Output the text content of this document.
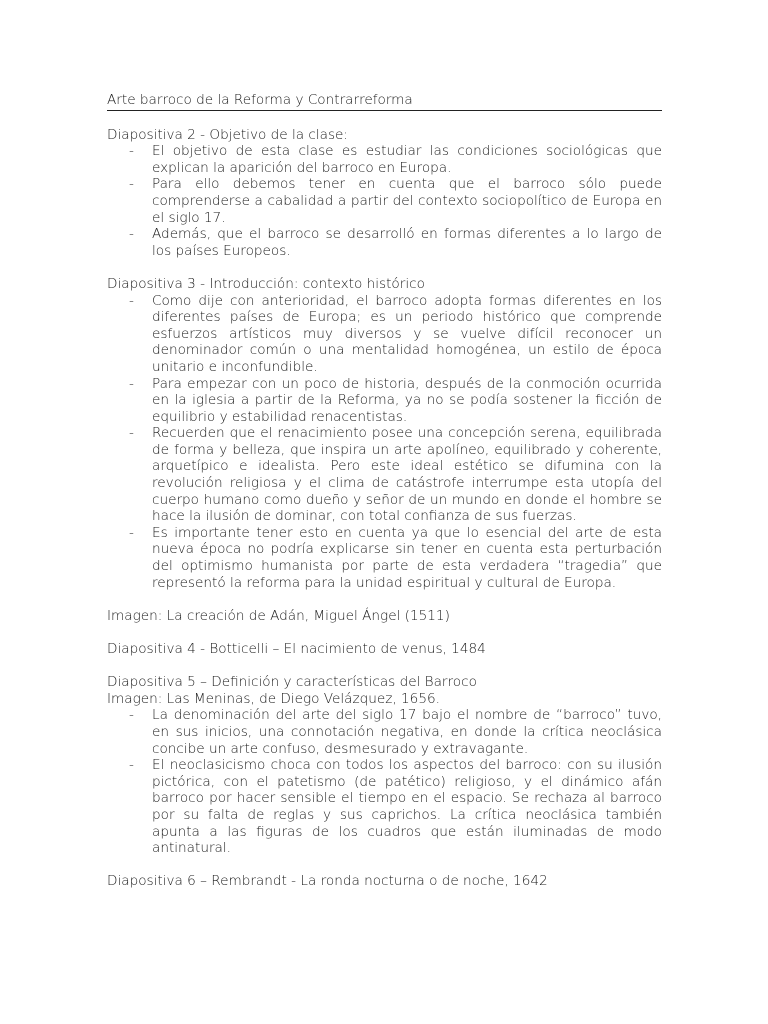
Arte barroco de la Reforma y Contrarreforma
Diapositiva 2 - Objetivo de la clase:
- El objetivo de esta clase es estudiar las condiciones sociológicas que explican la aparición del barroco en Europa.
- Para ello debemos tener en cuenta que el barroco sólo puede comprenderse a cabalidad a partir del contexto sociopolítico de Europa en el siglo 17.
- Además, que el barroco se desarrolló en formas diferentes a lo largo de los países Europeos.
Diapositiva 3 - Introducción: contexto histórico
- Como dije con anterioridad, el barroco adopta formas diferentes en los diferentes países de Europa; es un periodo histórico que comprende esfuerzos artísticos muy diversos y se vuelve difícil reconocer un denominador común o una mentalidad homogénea, un estilo de época unitario e inconfundible.
- Para empezar con un poco de historia, después de la conmoción ocurrida en la iglesia a partir de la Reforma, ya no se podía sostener la ficción de equilibrio y estabilidad renacentistas.
- Recuerden que el renacimiento posee una concepción serena, equilibrada de forma y belleza, que inspira un arte apolíneo, equilibrado y coherente, arquetípico e idealista. Pero este ideal estético se difumina con la revolución religiosa y el clima de catástrofe interrumpe esta utopía del cuerpo humano como dueño y señor de un mundo en donde el hombre se hace la ilusión de dominar, con total confianza de sus fuerzas.
- Es importante tener esto en cuenta ya que lo esencial del arte de esta nueva época no podría explicarse sin tener en cuenta esta perturbación del optimismo humanista por parte de esta verdadera “tragedia” que representó la reforma para la unidad espiritual y cultural de Europa.
Imagen: La creación de Adán, Miguel Ángel (1511)
Diapositiva 4 - Botticelli – El nacimiento de venus, 1484
Diapositiva 5 – Definición y características del Barroco
Imagen: Las Meninas, de Diego Velázquez, 1656.
- La denominación del arte del siglo 17 bajo el nombre de “barroco” tuvo, en sus inicios, una connotación negativa, en donde la crítica neoclásica concibe un arte confuso, desmesurado y extravagante.
- El neoclasicismo choca con todos los aspectos del barroco: con su ilusión pictórica, con el patetismo (de patético) religioso, y el dinámico afán barroco por hacer sensible el tiempo en el espacio. Se rechaza al barroco por su falta de reglas y sus caprichos. La crítica neoclásica también apunta a las figuras de los cuadros que están iluminadas de modo antinatural.
Diapositiva 6 – Rembrandt - La ronda nocturna o de noche, 1642
